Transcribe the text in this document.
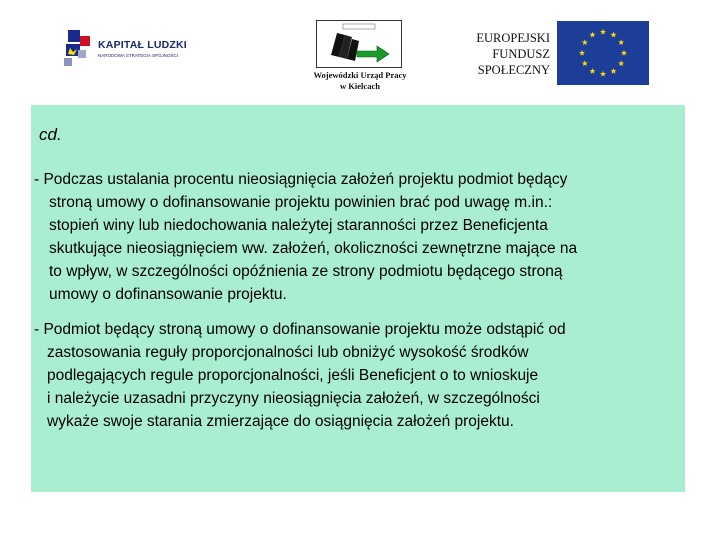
KAPITAŁ LUDZKI
NARODOWA STRATEGIA SPÓJNOŚCI
Wojewódzki Urząd Pracy
w Kielcach
EUROPEJSKI
FUNDUSZ
SPOŁECZNY
cd.
- Podczas ustalania procentu nieosiągnięcia założeń projektu podmiot będący
stroną umowy o dofinansowanie projektu powinien brać pod uwagę m.in.:
stopień winy lub niedochowania należytej staranności przez Beneficjenta
skutkujące nieosiągnięciem ww. założeń, okoliczności zewnętrzne mające na
to wpływ, w szczególności opóźnienia ze strony podmiotu będącego stroną
umowy o dofinansowanie projektu.
- Podmiot będący stroną umowy o dofinansowanie projektu może odstąpić od
zastosowania reguły proporcjonalności lub obniżyć wysokość środków
podlegających regule proporcjonalności, jeśli Beneficjent o to wnioskuje
i należycie uzasadni przyczyny nieosiągnięcia założeń, w szczególności
wykaże swoje starania zmierzające do osiągnięcia założeń projektu.
